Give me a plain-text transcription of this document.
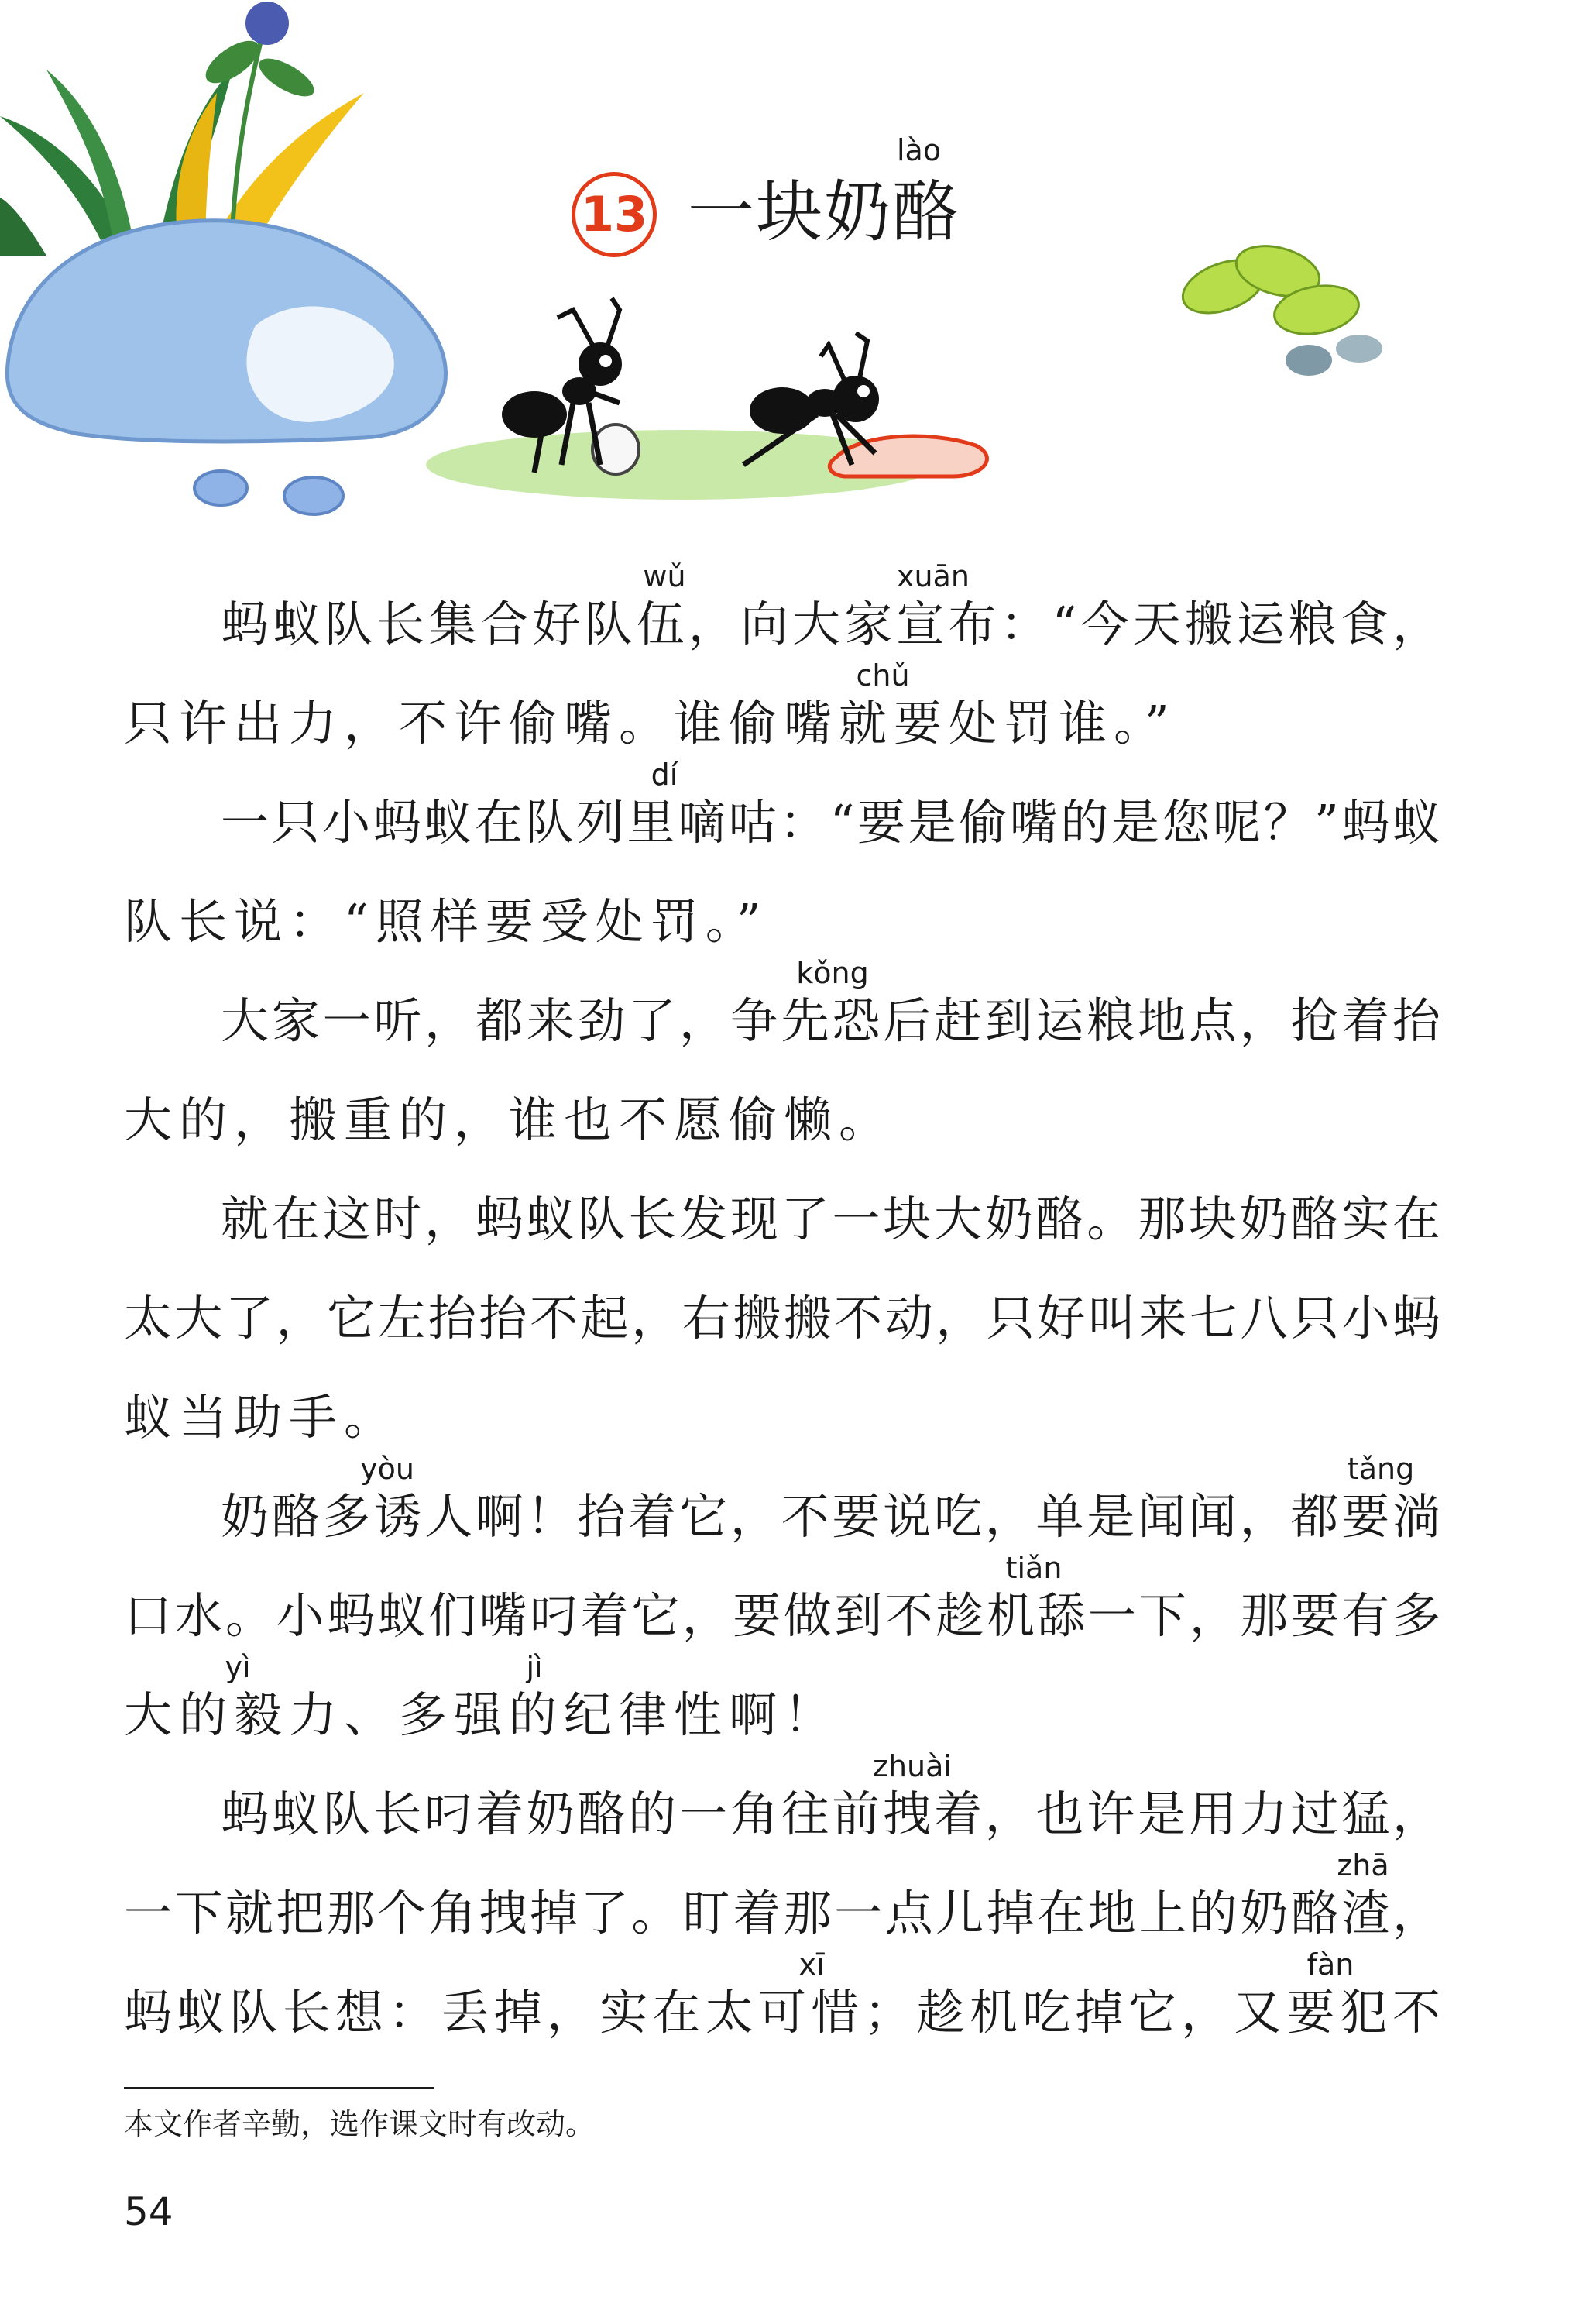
13
lào
一块奶酪
蚂蚁队长集合好队伍，向大家宣布：“今天搬运粮食，
只许出力，不许偷嘴。谁偷嘴就要处罚谁。”
一只小蚂蚁在队列里嘀咕：“要是偷嘴的是您呢？”蚂蚁
队长说：“照样要受处罚。”
大家一听，都来劲了，争先恐后赶到运粮地点，抢着抬
大的，搬重的，谁也不愿偷懒。
就在这时，蚂蚁队长发现了一块大奶酪。那块奶酪实在
太大了，它左抬抬不起，右搬搬不动，只好叫来七八只小蚂
蚁当助手。
奶酪多诱人啊！抬着它，不要说吃，单是闻闻，都要淌
口水。小蚂蚁们嘴叼着它，要做到不趁机舔一下，那要有多
大的毅力、多强的纪律性啊！
蚂蚁队长叼着奶酪的一角往前拽着，也许是用力过猛，
一下就把那个角拽掉了。盯着那一点儿掉在地上的奶酪渣，
蚂蚁队长想：丢掉，实在太可惜；趁机吃掉它，又要犯不
wǔ	xuān
chǔ
dí
kǒng
yòu	tǎng
tiǎn
yì	jì
zhuài
zhā
xī	fàn
本文作者辛勤，选作课文时有改动。
54
